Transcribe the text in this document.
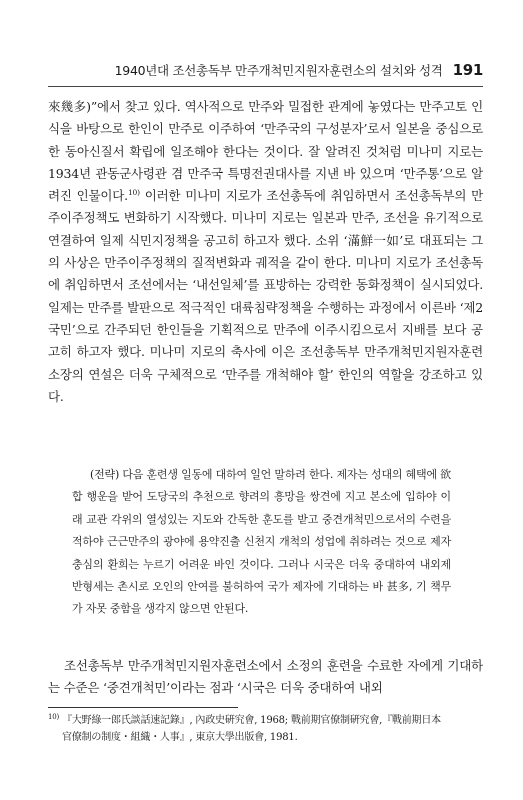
1940년대 조선총독부 만주개척민지원자훈련소의 설치와 성격 191

來幾多)”에서 찾고 있다. 역사적으로 만주와 밀접한 관계에 놓였다는 만주고토 인식을 바탕으로 한인이 만주로 이주하여 ‘만주국의 구성분자’로서 일본을 중심으로 한 동아신질서 확립에 일조해야 한다는 것이다. 잘 알려진 것처럼 미나미 지로는 1934년 관동군사령관 겸 만주국 특명전권대사를 지낸 바 있으며 ‘만주통’으로 알려진 인물이다.$^{10)}$ 이러한 미나미 지로가 조선총독에 취임하면서 조선총독부의 만주이주정책도 변화하기 시작했다. 미나미 지로는 일본과 만주, 조선을 유기적으로 연결하여 일제 식민지정책을 공고히 하고자 했다. 소위 ‘滿鮮一如’로 대표되는 그의 사상은 만주이주정책의 질적변화과 궤적을 같이 한다. 미나미 지로가 조선총독에 취임하면서 조선에서는 ‘내선일체’를 표방하는 강력한 동화정책이 실시되었다. 일제는 만주를 발판으로 적극적인 대륙침략정책을 수행하는 과정에서 이른바 ‘제2국민’으로 간주되던 한인들을 기획적으로 만주에 이주시킴으로서 지배를 보다 공고히 하고자 했다. 미나미 지로의 축사에 이은 조선총독부 만주개척민지원자훈련소장의 연설은 더욱 구체적으로 ‘만주를 개척해야 할’ 한인의 역할을 강조하고 있다.

(전략) 다음 훈련생 일동에 대하여 일언 말하려 한다. 제자는 성대의 혜택에 欲합 행운을 받어 도당국의 추천으로 향려의 흥망을 쌍견에 지고 본소에 입하야 이래 교관 각위의 열성있는 지도와 간독한 훈도를 받고 중견개척민으로서의 수련을 적하야 근근만주의 광야에 용약진출 신천지 개척의 성업에 취하려는 것으로 제자충심의 환희는 누르기 어려운 바인 것이다. 그러나 시국은 더욱 중대하여 내외제반형세는 촌시로 오인의 안여를 불허하여 국가 제자에 기대하는 바 甚多, 기 책무가 자못 중함을 생각지 않으면 안된다.

조선총독부 만주개척민지원자훈련소에서 소정의 훈련을 수료한 자에게 기대하는 수준은 ‘중견개척민’이라는 점과 ‘시국은 더욱 중대하여 내외

$^{10)}$ 『大野綠一郎氏談話速記錄』, 內政史硏究會, 1968; 戰前期官僚制硏究會,『戰前期日本
官僚制の制度・組織・人事』, 東京大學出版會, 1981.
